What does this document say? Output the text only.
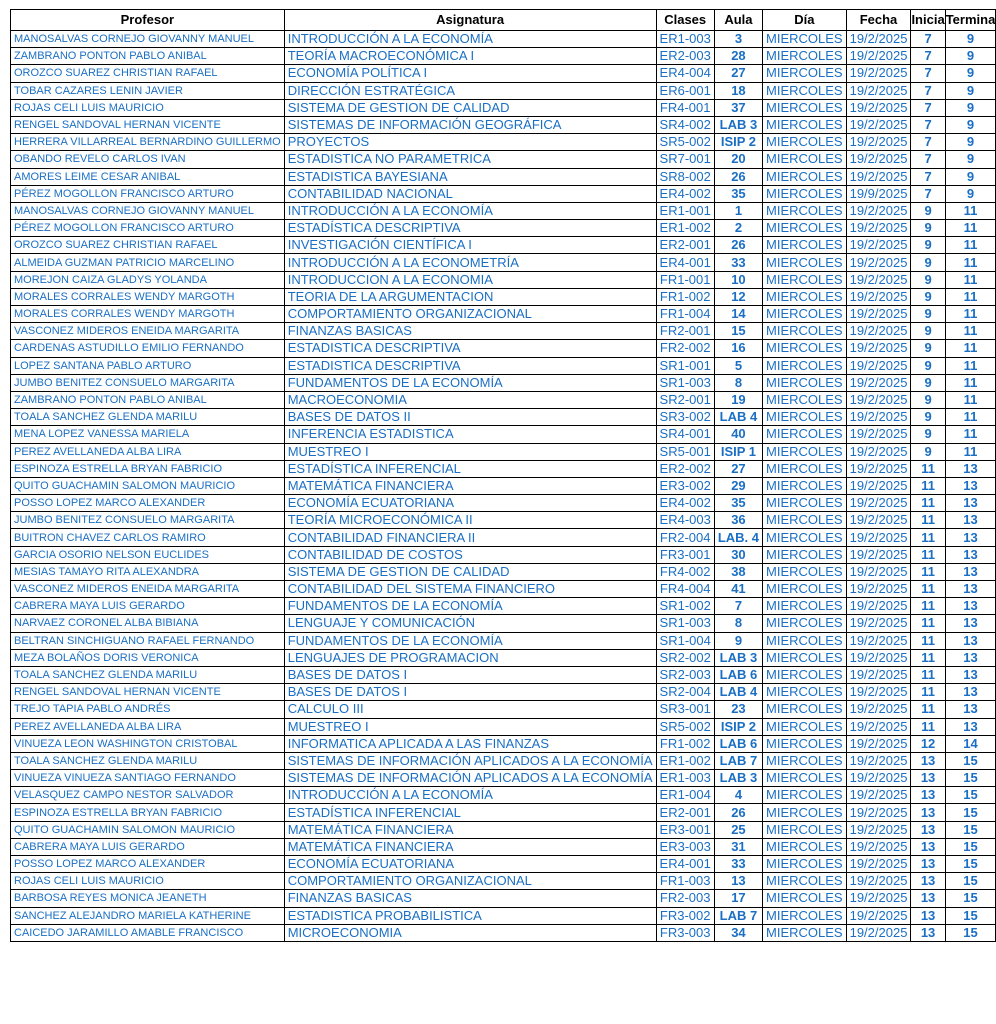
Profesor	Asignatura	Clases	Aula	Día	Fecha	Inicia	Termina
MANOSALVAS CORNEJO GIOVANNY MANUEL	INTRODUCCIÓN A LA ECONOMÍA	ER1-003	3	MIERCOLES	19/2/2025	7	9
ZAMBRANO PONTON PABLO ANIBAL	TEORÍA MACROECONÓMICA I	ER2-003	28	MIERCOLES	19/2/2025	7	9
OROZCO SUAREZ CHRISTIAN RAFAEL	ECONOMÍA POLÍTICA I	ER4-004	27	MIERCOLES	19/2/2025	7	9
TOBAR CAZARES LENIN JAVIER	DIRECCIÓN ESTRATÉGICA	ER6-001	18	MIERCOLES	19/2/2025	7	9
ROJAS CELI LUIS MAURICIO	SISTEMA DE GESTION DE CALIDAD	FR4-001	37	MIERCOLES	19/2/2025	7	9
RENGEL SANDOVAL HERNAN VICENTE	SISTEMAS DE INFORMACIÓN GEOGRÁFICA	SR4-002	LAB 3	MIERCOLES	19/2/2025	7	9
HERRERA VILLARREAL BERNARDINO GUILLERMO	PROYECTOS	SR5-002	ISIP 2	MIERCOLES	19/2/2025	7	9
OBANDO REVELO CARLOS IVAN	ESTADISTICA NO PARAMETRICA	SR7-001	20	MIERCOLES	19/2/2025	7	9
AMORES LEIME CESAR ANIBAL	ESTADISTICA BAYESIANA	SR8-002	26	MIERCOLES	19/2/2025	7	9
PÉREZ MOGOLLON FRANCISCO ARTURO	CONTABILIDAD NACIONAL	ER4-002	35	MIERCOLES	19/9/2025	7	9
MANOSALVAS CORNEJO GIOVANNY MANUEL	INTRODUCCIÓN A LA ECONOMÍA	ER1-001	1	MIERCOLES	19/2/2025	9	11
PÉREZ MOGOLLON FRANCISCO ARTURO	ESTADÍSTICA DESCRIPTIVA	ER1-002	2	MIERCOLES	19/2/2025	9	11
OROZCO SUAREZ CHRISTIAN RAFAEL	INVESTIGACIÓN CIENTÍFICA I	ER2-001	26	MIERCOLES	19/2/2025	9	11
ALMEIDA GUZMAN PATRICIO MARCELINO	INTRODUCCIÓN A LA ECONOMETRÍA	ER4-001	33	MIERCOLES	19/2/2025	9	11
MOREJON CAIZA GLADYS YOLANDA	INTRODUCCION A LA ECONOMIA	FR1-001	10	MIERCOLES	19/2/2025	9	11
MORALES CORRALES WENDY MARGOTH	TEORIA DE LA ARGUMENTACION	FR1-002	12	MIERCOLES	19/2/2025	9	11
MORALES CORRALES WENDY MARGOTH	COMPORTAMIENTO ORGANIZACIONAL	FR1-004	14	MIERCOLES	19/2/2025	9	11
VASCONEZ MIDEROS ENEIDA MARGARITA	FINANZAS BASICAS	FR2-001	15	MIERCOLES	19/2/2025	9	11
CARDENAS ASTUDILLO EMILIO FERNANDO	ESTADISTICA DESCRIPTIVA	FR2-002	16	MIERCOLES	19/2/2025	9	11
LOPEZ SANTANA PABLO ARTURO	ESTADISTICA DESCRIPTIVA	SR1-001	5	MIERCOLES	19/2/2025	9	11
JUMBO BENITEZ CONSUELO MARGARITA	FUNDAMENTOS DE LA ECONOMÍA	SR1-003	8	MIERCOLES	19/2/2025	9	11
ZAMBRANO PONTON PABLO ANIBAL	MACROECONOMIA	SR2-001	19	MIERCOLES	19/2/2025	9	11
TOALA SANCHEZ GLENDA MARILU	BASES DE DATOS II	SR3-002	LAB 4	MIERCOLES	19/2/2025	9	11
MENA LOPEZ VANESSA MARIELA	INFERENCIA ESTADISTICA	SR4-001	40	MIERCOLES	19/2/2025	9	11
PEREZ AVELLANEDA ALBA LIRA	MUESTREO I	SR5-001	ISIP 1	MIERCOLES	19/2/2025	9	11
ESPINOZA ESTRELLA BRYAN FABRICIO	ESTADÍSTICA INFERENCIAL	ER2-002	27	MIERCOLES	19/2/2025	11	13
QUITO GUACHAMIN SALOMON MAURICIO	MATEMÁTICA FINANCIERA	ER3-002	29	MIERCOLES	19/2/2025	11	13
POSSO LOPEZ MARCO ALEXANDER	ECONOMÍA ECUATORIANA	ER4-002	35	MIERCOLES	19/2/2025	11	13
JUMBO BENITEZ CONSUELO MARGARITA	TEORÍA MICROECONÓMICA II	ER4-003	36	MIERCOLES	19/2/2025	11	13
BUITRON CHAVEZ CARLOS RAMIRO	CONTABILIDAD FINANCIERA II	FR2-004	LAB. 4	MIERCOLES	19/2/2025	11	13
GARCIA OSORIO NELSON EUCLIDES	CONTABILIDAD DE COSTOS	FR3-001	30	MIERCOLES	19/2/2025	11	13
MESIAS TAMAYO RITA ALEXANDRA	SISTEMA DE GESTION DE CALIDAD	FR4-002	38	MIERCOLES	19/2/2025	11	13
VASCONEZ MIDEROS ENEIDA MARGARITA	CONTABILIDAD DEL SISTEMA FINANCIERO	FR4-004	41	MIERCOLES	19/2/2025	11	13
CABRERA MAYA LUIS GERARDO	FUNDAMENTOS DE LA ECONOMÍA	SR1-002	7	MIERCOLES	19/2/2025	11	13
NARVAEZ CORONEL ALBA BIBIANA	LENGUAJE Y COMUNICACIÓN	SR1-003	8	MIERCOLES	19/2/2025	11	13
BELTRAN SINCHIGUANO RAFAEL FERNANDO	FUNDAMENTOS DE LA ECONOMÍA	SR1-004	9	MIERCOLES	19/2/2025	11	13
MEZA BOLAÑOS DORIS VERONICA	LENGUAJES DE PROGRAMACION	SR2-002	LAB 3	MIERCOLES	19/2/2025	11	13
TOALA SANCHEZ GLENDA MARILU	BASES DE DATOS I	SR2-003	LAB 6	MIERCOLES	19/2/2025	11	13
RENGEL SANDOVAL HERNAN VICENTE	BASES DE DATOS I	SR2-004	LAB 4	MIERCOLES	19/2/2025	11	13
TREJO TAPIA PABLO ANDRÉS	CALCULO III	SR3-001	23	MIERCOLES	19/2/2025	11	13
PEREZ AVELLANEDA ALBA LIRA	MUESTREO I	SR5-002	ISIP 2	MIERCOLES	19/2/2025	11	13
VINUEZA LEON WASHINGTON CRISTOBAL	INFORMATICA APLICADA A LAS FINANZAS	FR1-002	LAB 6	MIERCOLES	19/2/2025	12	14
TOALA SANCHEZ GLENDA MARILU	SISTEMAS DE INFORMACIÓN APLICADOS A LA ECONOMÍA	ER1-002	LAB 7	MIERCOLES	19/2/2025	13	15
VINUEZA VINUEZA SANTIAGO FERNANDO	SISTEMAS DE INFORMACIÓN APLICADOS A LA ECONOMÍA	ER1-003	LAB 3	MIERCOLES	19/2/2025	13	15
VELASQUEZ CAMPO NESTOR SALVADOR	INTRODUCCIÓN A LA ECONOMÍA	ER1-004	4	MIERCOLES	19/2/2025	13	15
ESPINOZA ESTRELLA BRYAN FABRICIO	ESTADÍSTICA INFERENCIAL	ER2-001	26	MIERCOLES	19/2/2025	13	15
QUITO GUACHAMIN SALOMON MAURICIO	MATEMÁTICA FINANCIERA	ER3-001	25	MIERCOLES	19/2/2025	13	15
CABRERA MAYA LUIS GERARDO	MATEMÁTICA FINANCIERA	ER3-003	31	MIERCOLES	19/2/2025	13	15
POSSO LOPEZ MARCO ALEXANDER	ECONOMÍA ECUATORIANA	ER4-001	33	MIERCOLES	19/2/2025	13	15
ROJAS CELI LUIS MAURICIO	COMPORTAMIENTO ORGANIZACIONAL	FR1-003	13	MIERCOLES	19/2/2025	13	15
BARBOSA REYES MONICA JEANETH	FINANZAS BASICAS	FR2-003	17	MIERCOLES	19/2/2025	13	15
SANCHEZ ALEJANDRO MARIELA KATHERINE	ESTADISTICA PROBABILISTICA	FR3-002	LAB 7	MIERCOLES	19/2/2025	13	15
CAICEDO JARAMILLO AMABLE FRANCISCO	MICROECONOMIA	FR3-003	34	MIERCOLES	19/2/2025	13	15
